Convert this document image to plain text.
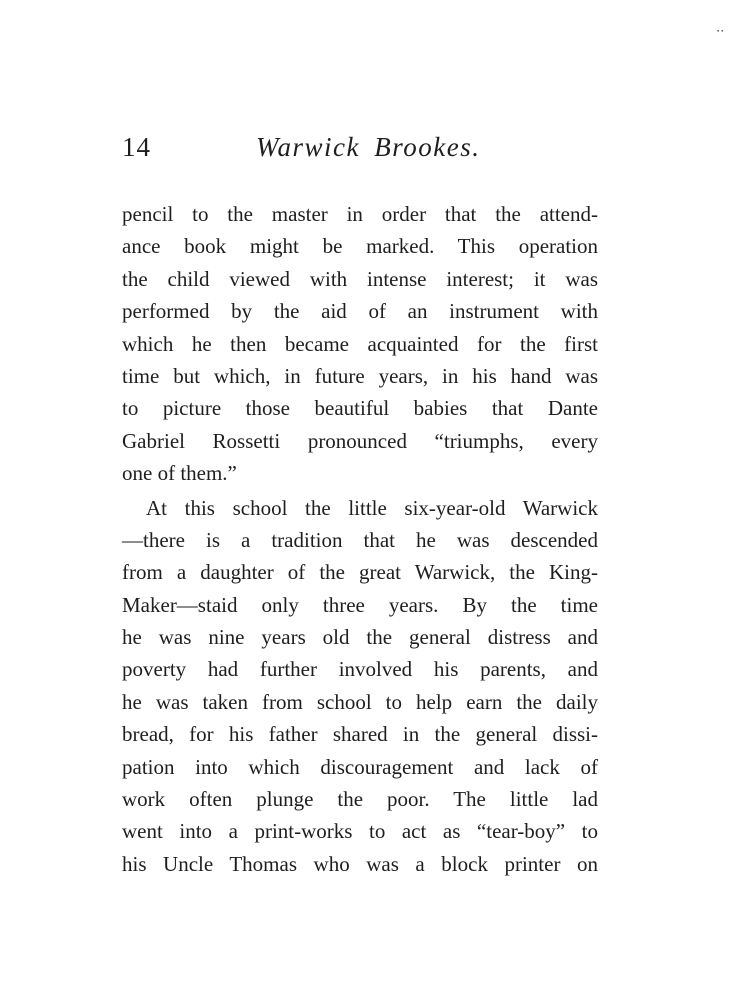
⋅⋅
14	Warwick Brookes.
pencil to the master in order that the attend-
ance book might be marked. This operation
the child viewed with intense interest; it was
performed by the aid of an instrument with
which he then became acquainted for the first
time but which, in future years, in his hand was
to picture those beautiful babies that Dante
Gabriel Rossetti pronounced “triumphs, every
one of them.”
At this school the little six-year-old Warwick
—there is a tradition that he was descended
from a daughter of the great Warwick, the King-
Maker—staid only three years. By the time
he was nine years old the general distress and
poverty had further involved his parents, and
he was taken from school to help earn the daily
bread, for his father shared in the general dissi-
pation into which discouragement and lack of
work often plunge the poor. The little lad
went into a print-works to act as “tear-boy” to
his Uncle Thomas who was a block printer on
